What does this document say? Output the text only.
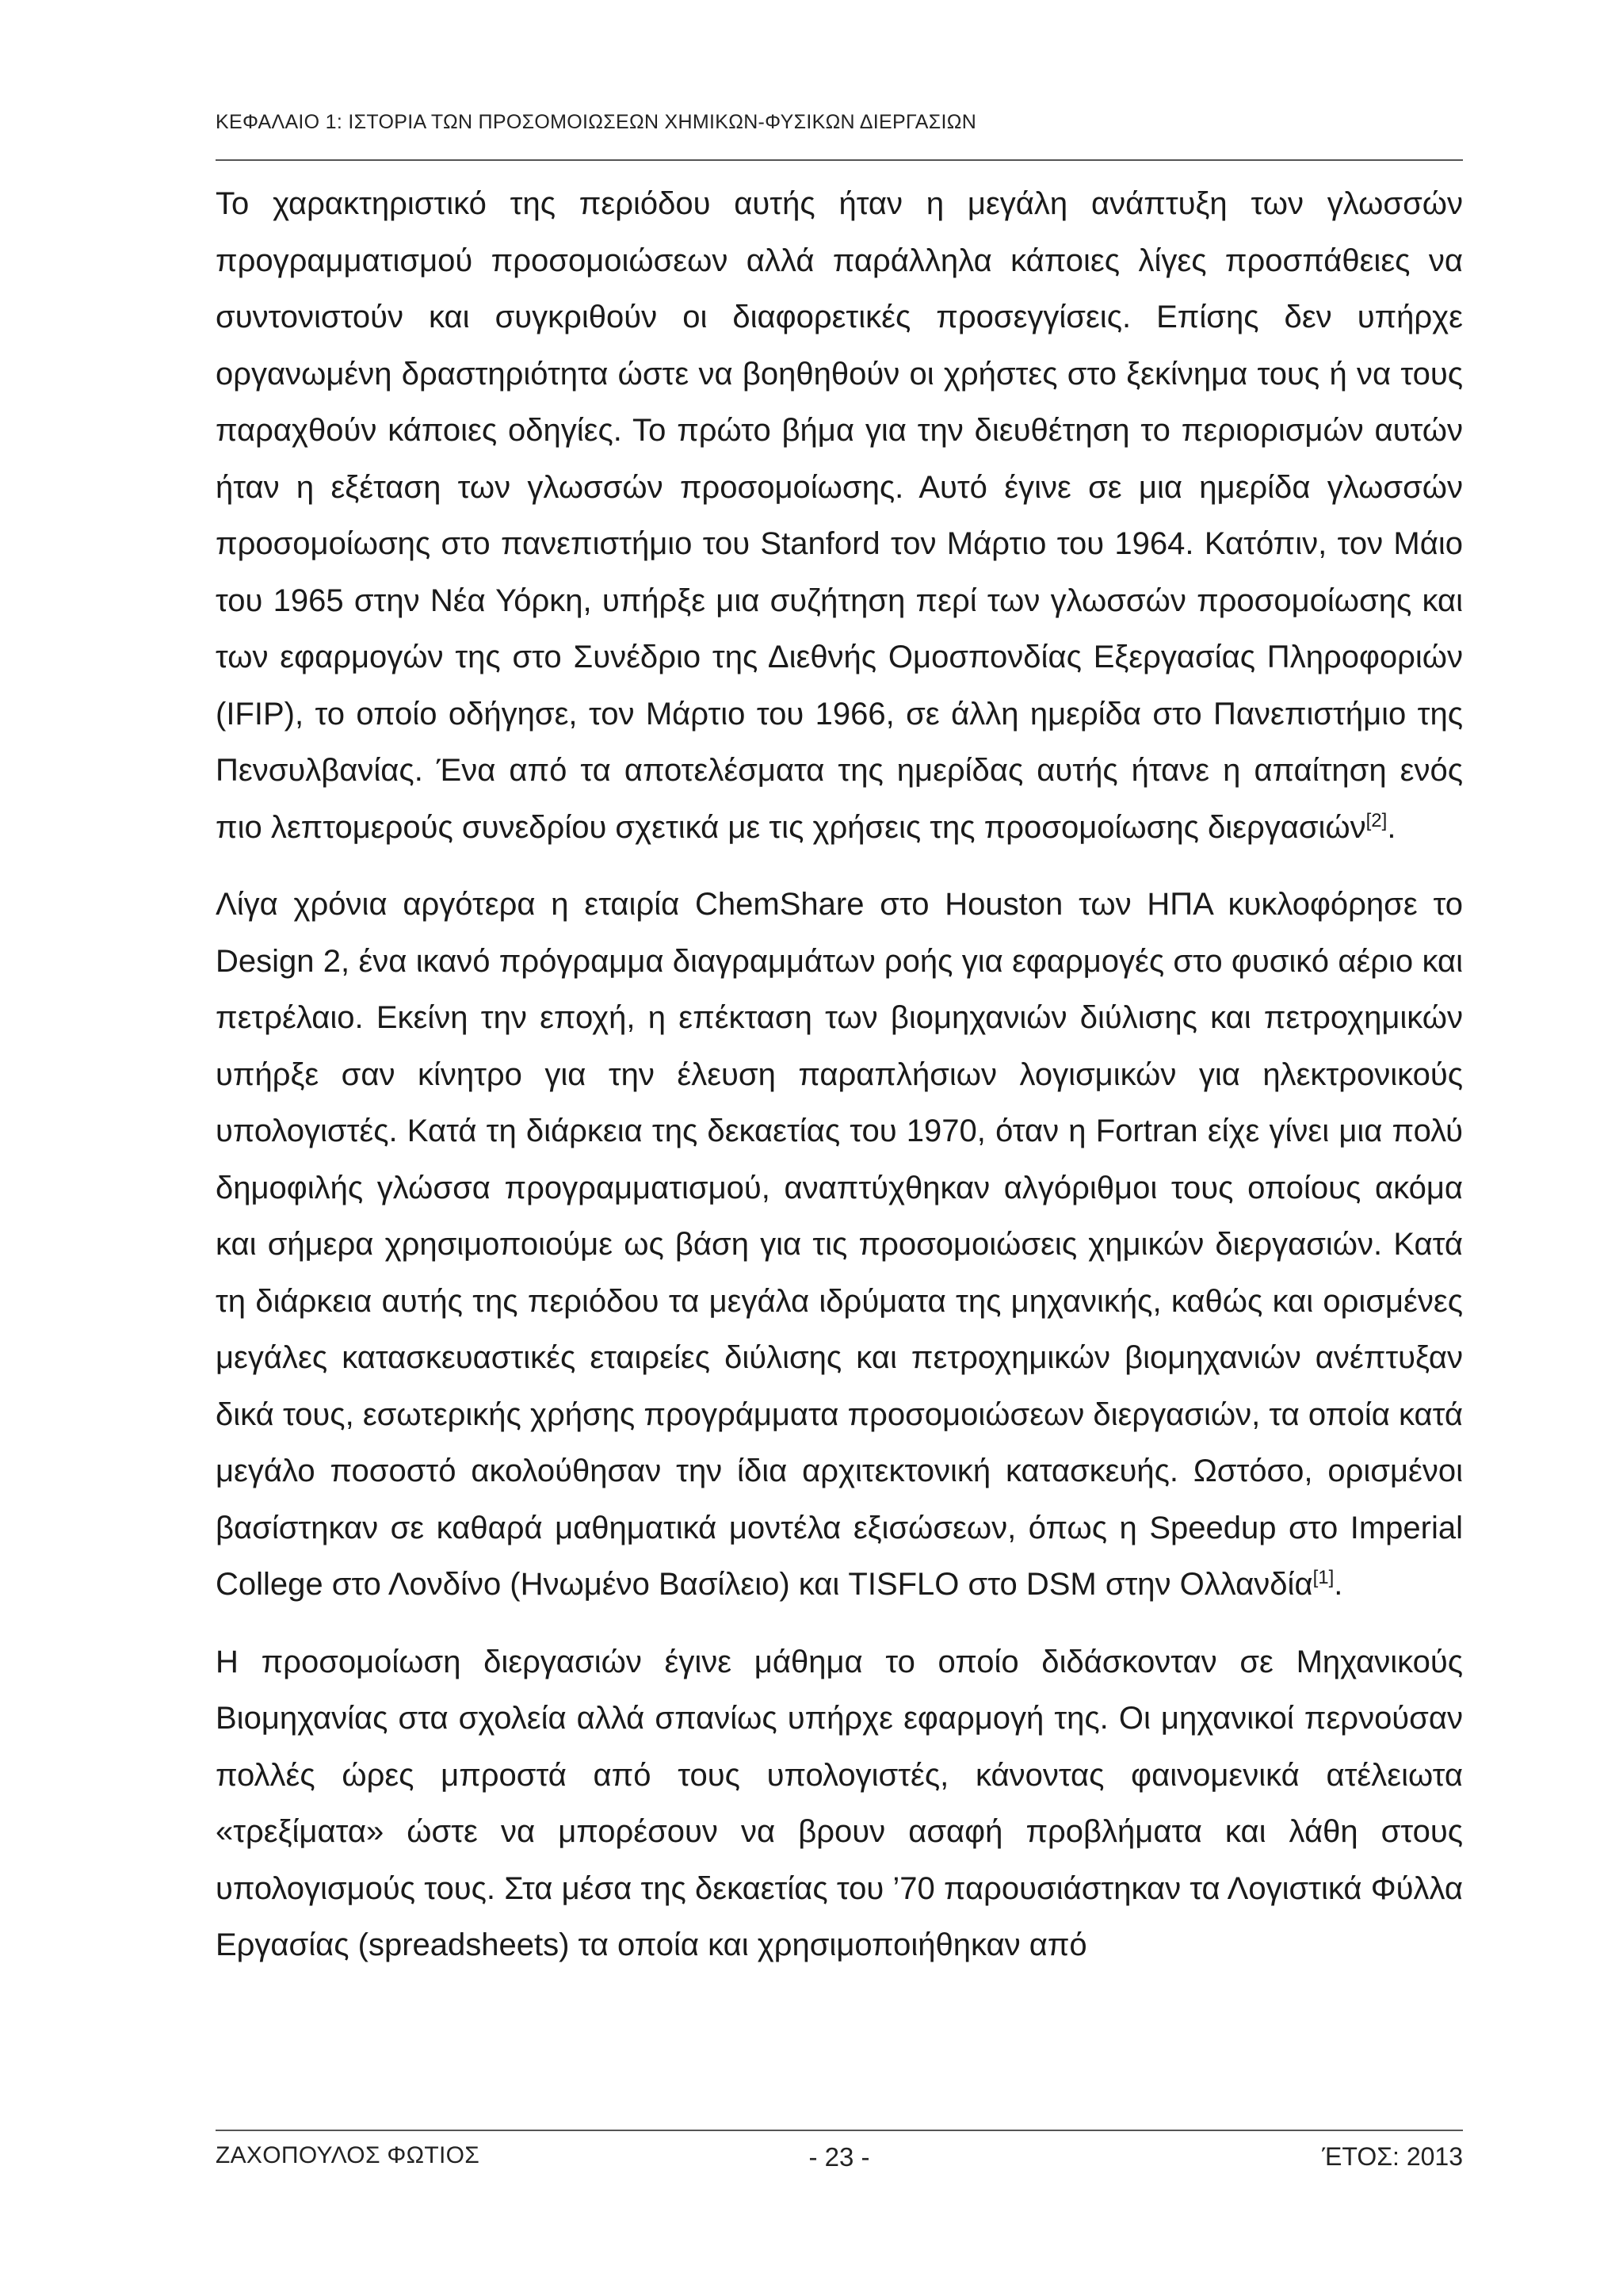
ΚΕΦΑΛΑΙΟ 1: ΙΣΤΟΡΙΑ ΤΩΝ ΠΡΟΣΟΜΟΙΩΣΕΩΝ ΧΗΜΙΚΩΝ-ΦΥΣΙΚΩΝ ΔΙΕΡΓΑΣΙΩΝ

Το χαρακτηριστικό της περιόδου αυτής ήταν η μεγάλη ανάπτυξη των γλωσσών προγραμματισμού προσομοιώσεων αλλά παράλληλα κάποιες λίγες προσπάθειες να συντονιστούν και συγκριθούν οι διαφορετικές προσεγγίσεις. Επίσης δεν υπήρχε οργανωμένη δραστηριότητα ώστε να βοηθηθούν οι χρήστες στο ξεκίνημα τους ή να τους παραχθούν κάποιες οδηγίες. Το πρώτο βήμα για την διευθέτηση το περιορισμών αυτών ήταν η εξέταση των γλωσσών προσομοίωσης. Αυτό έγινε σε μια ημερίδα γλωσσών προσομοίωσης στο πανεπιστήμιο του Stanford τον Μάρτιο του 1964. Κατόπιν, τον Μάιο του 1965 στην Νέα Υόρκη, υπήρξε μια συζήτηση περί των γλωσσών προσομοίωσης και των εφαρμογών της στο Συνέδριο της Διεθνής Ομοσπονδίας Εξεργασίας Πληροφοριών (IFIP), το οποίο οδήγησε, τον Μάρτιο του 1966, σε άλλη ημερίδα στο Πανεπιστήμιο της Πενσυλβανίας. Ένα από τα αποτελέσματα της ημερίδας αυτής ήτανε η απαίτηση ενός πιο λεπτομερούς συνεδρίου σχετικά με τις χρήσεις της προσομοίωσης διεργασιών[2].

Λίγα χρόνια αργότερα η εταιρία ChemShare στο Houston των ΗΠΑ κυκλοφόρησε το Design 2, ένα ικανό πρόγραμμα διαγραμμάτων ροής για εφαρμογές στο φυσικό αέριο και πετρέλαιο. Εκείνη την εποχή, η επέκταση των βιομηχανιών διύλισης και πετροχημικών υπήρξε σαν κίνητρο για την έλευση παραπλήσιων λογισμικών για ηλεκτρονικούς υπολογιστές. Κατά τη διάρκεια της δεκαετίας του 1970, όταν η Fortran είχε γίνει μια πολύ δημοφιλής γλώσσα προγραμματισμού, αναπτύχθηκαν αλγόριθμοι τους οποίους ακόμα και σήμερα χρησιμοποιούμε ως βάση για τις προσομοιώσεις χημικών διεργασιών. Κατά τη διάρκεια αυτής της περιόδου τα μεγάλα ιδρύματα της μηχανικής, καθώς και ορισμένες μεγάλες κατασκευαστικές εταιρείες διύλισης και πετροχημικών βιομηχανιών ανέπτυξαν δικά τους, εσωτερικής χρήσης προγράμματα προσομοιώσεων διεργασιών, τα οποία κατά μεγάλο ποσοστό ακολούθησαν την ίδια αρχιτεκτονική κατασκευής. Ωστόσο, ορισμένοι βασίστηκαν σε καθαρά μαθηματικά μοντέλα εξισώσεων, όπως η Speedup στο Imperial College στο Λονδίνο (Ηνωμένο Βασίλειο) και TISFLO στο DSM στην Ολλανδία[1].

Η προσομοίωση διεργασιών έγινε μάθημα το οποίο διδάσκονταν σε Μηχανικούς Βιομηχανίας στα σχολεία αλλά σπανίως υπήρχε εφαρμογή της. Οι μηχανικοί περνούσαν πολλές ώρες μπροστά από τους υπολογιστές, κάνοντας φαινομενικά ατέλειωτα «τρεξίματα» ώστε να μπορέσουν να βρουν ασαφή προβλήματα και λάθη στους υπολογισμούς τους. Στα μέσα της δεκαετίας του ’70 παρουσιάστηκαν τα Λογιστικά Φύλλα Εργασίας (spreadsheets) τα οποία και χρησιμοποιήθηκαν από

ΖΑΧΟΠΟΥΛΟΣ ΦΩΤΙΟΣ	- 23 -	ΈΤΟΣ: 2013
